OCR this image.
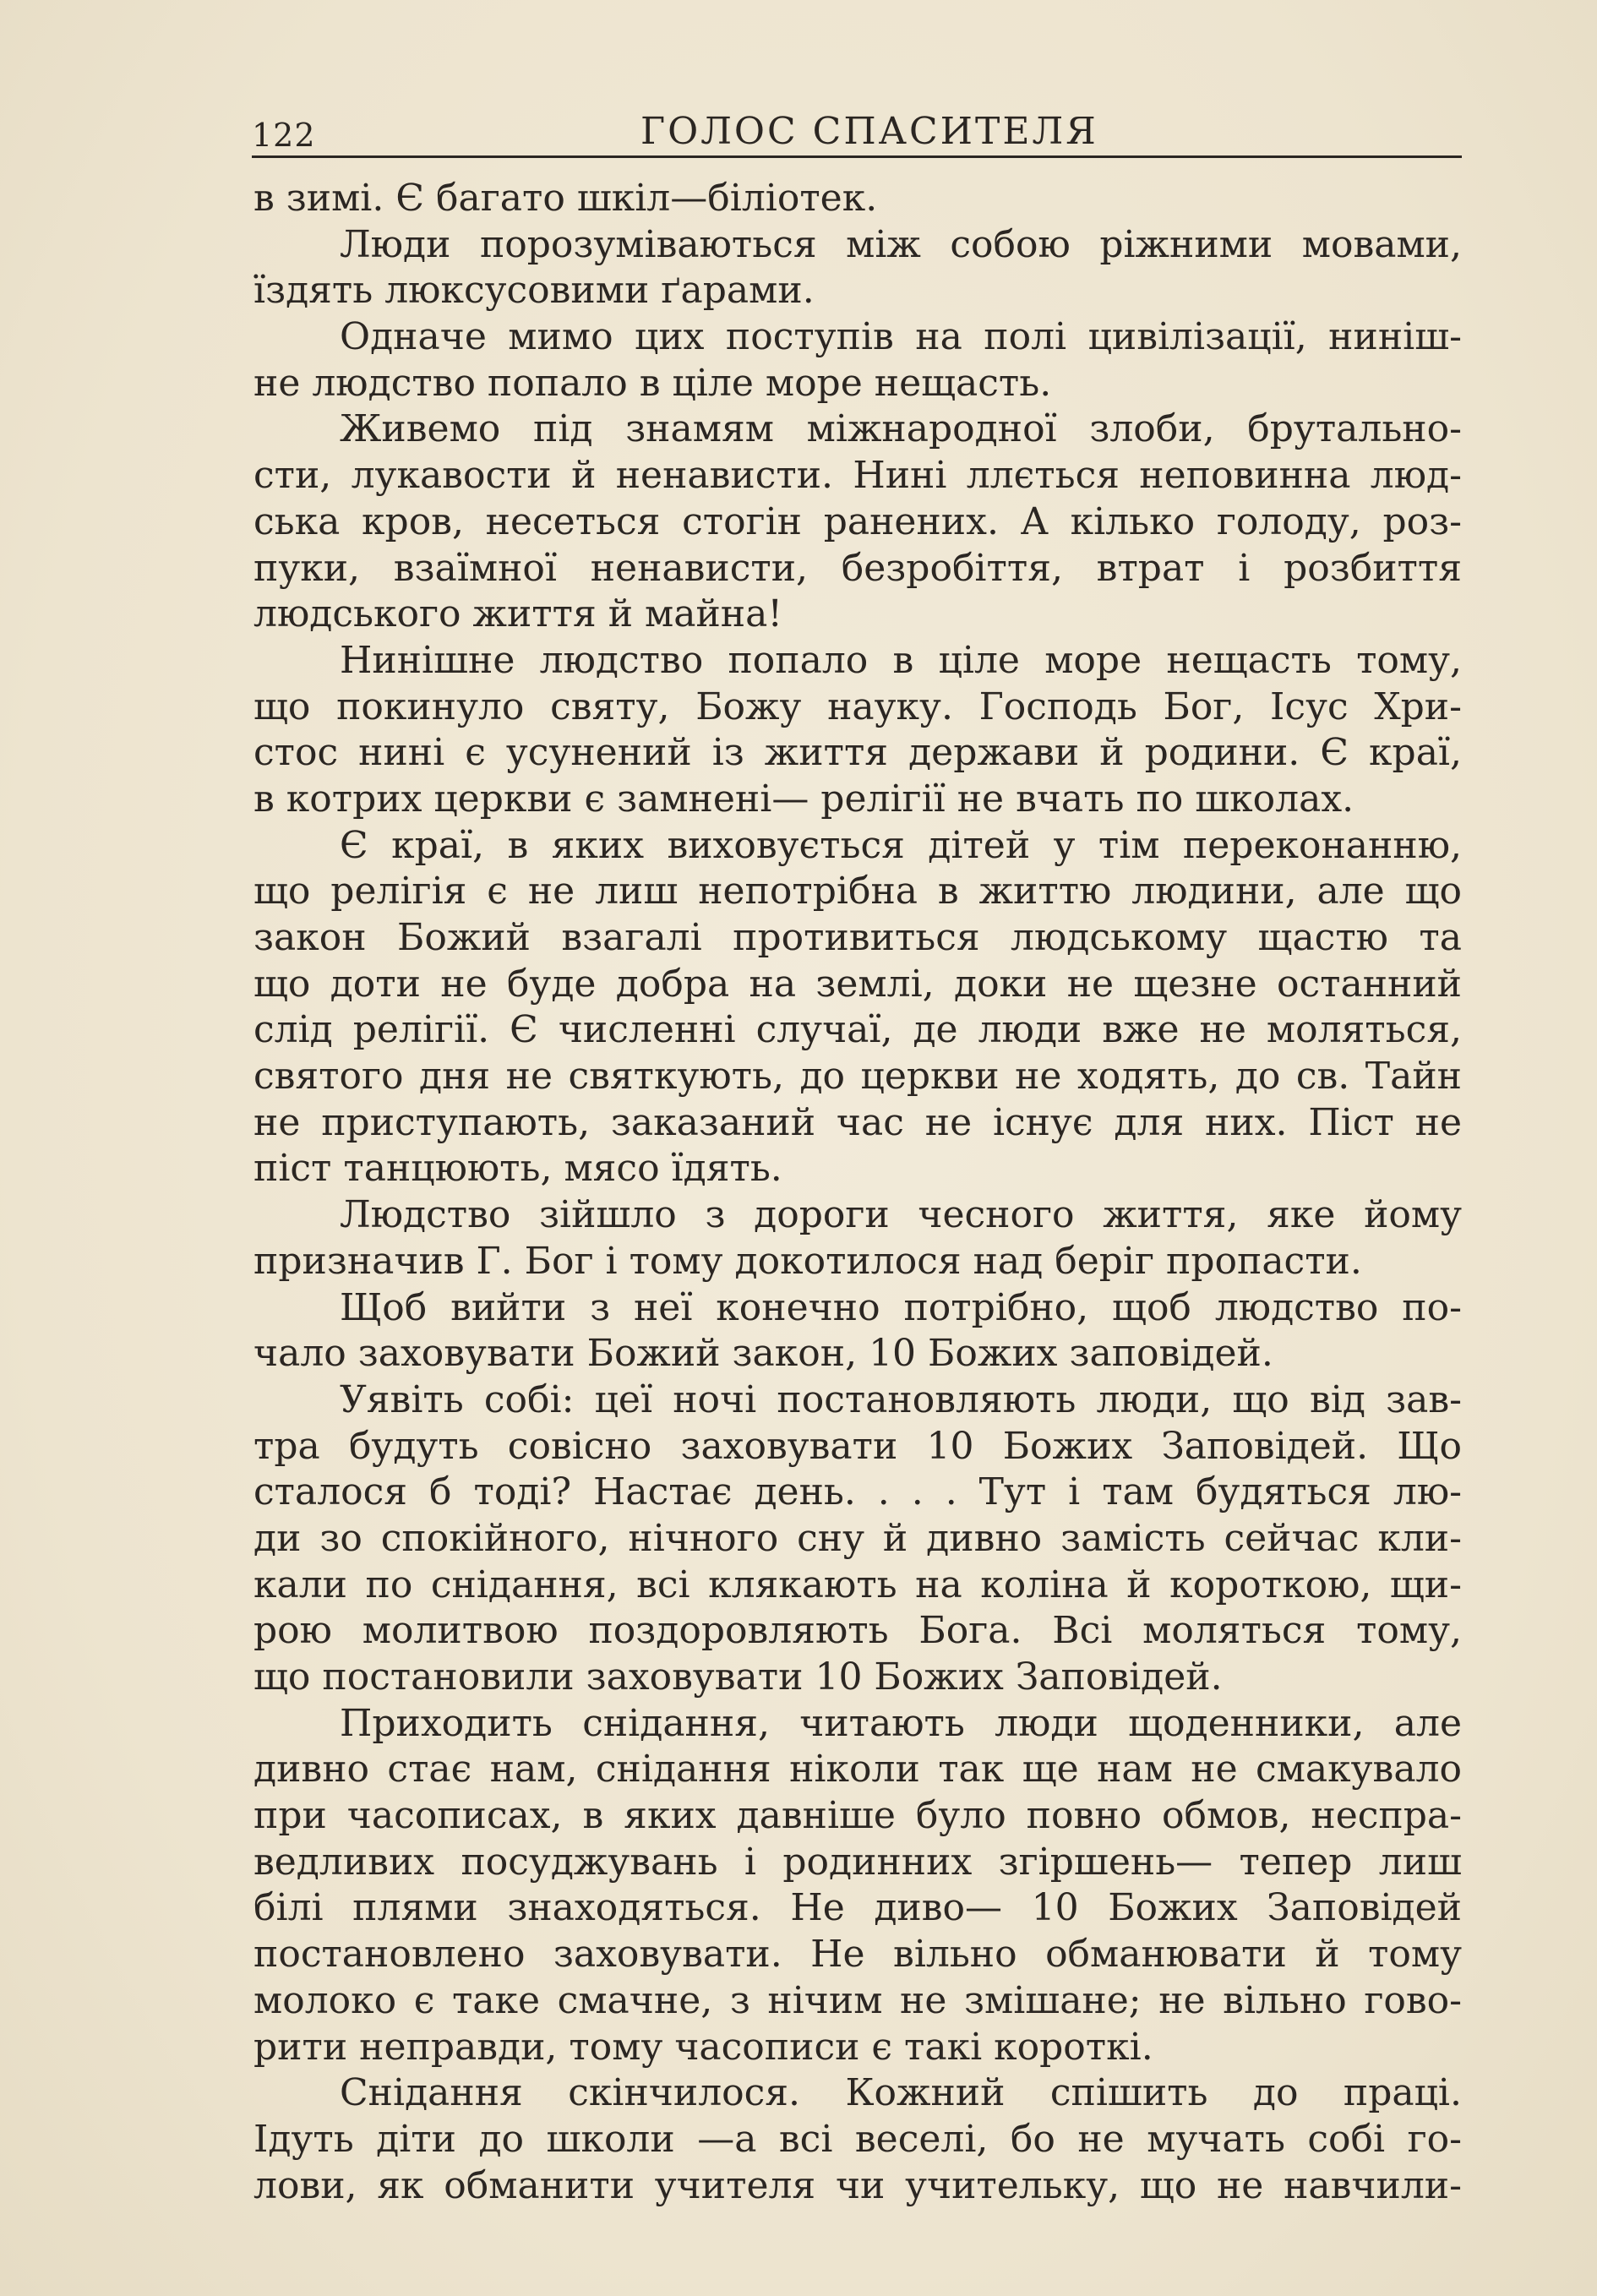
122	ГОЛОС СПАСИТЕЛЯ
в зимі. Є багато шкіл—біліотек.
Люди порозуміваються між собою ріжними мовами,
їздять люксусовими ґарами.
Одначе мимо цих поступів на полі цивілізації, ниніш-
не людство попало в ціле море нещасть.
Живемо під знамям міжнародної злоби, брутально-
сти, лукавости й ненависти. Нині ллється неповинна люд-
ська кров, несеться стогін ранених. А кілько голоду, роз-
пуки, взаїмної ненависти, безробіття, втрат і розбиття
людського життя й майна!
Нинішне людство попало в ціле море нещасть тому,
що покинуло святу, Божу науку. Господь Бог, Ісус Хри-
стос нині є усунений із життя держави й родини. Є краї,
в котрих церкви є замнені— релігії не вчать по школах.
Є краї, в яких виховується дітей у тім переконанню,
що релігія є не лиш непотрібна в життю людини, але що
закон Божий взагалі противиться людському щастю та
що доти не буде добра на землі, доки не щезне останний
слід релігії. Є численні случаї, де люди вже не моляться,
святого дня не святкують, до церкви не ходять, до св. Тайн
не приступають, заказаний час не існує для них. Піст не
піст танцюють, мясо їдять.
Людство зійшло з дороги чесного життя, яке йому
призначив Г. Бог і тому докотилося над беріг пропасти.
Щоб вийти з неї конечно потрібно, щоб людство по-
чало заховувати Божий закон, 10 Божих заповідей.
Уявіть собі: цеї ночі постановляють люди, що від зав-
тра будуть совісно заховувати 10 Божих Заповідей. Що
сталося б тоді? Настає день. . . . Тут і там будяться лю-
ди зо спокійного, нічного сну й дивно замість сейчас кли-
кали по снідання, всі клякають на коліна й короткою, щи-
рою молитвою поздоровляють Бога. Всі моляться тому,
що постановили заховувати 10 Божих Заповідей.
Приходить снідання, читають люди щоденники, але
дивно стає нам, снідання ніколи так ще нам не смакувало
при часописах, в яких давніше було повно обмов, неспра-
ведливих посуджувань і родинних згіршень— тепер лиш
білі плями знаходяться. Не диво— 10 Божих Заповідей
постановлено заховувати. Не вільно обманювати й тому
молоко є таке смачне, з нічим не змішане; не вільно гово-
рити неправди, тому часописи є такі короткі.
Снідання скінчилося. Кожний спішить до праці.
Ідуть діти до школи —а всі веселі, бо не мучать собі го-
лови, як обманити учителя чи учительку, що не навчили-
